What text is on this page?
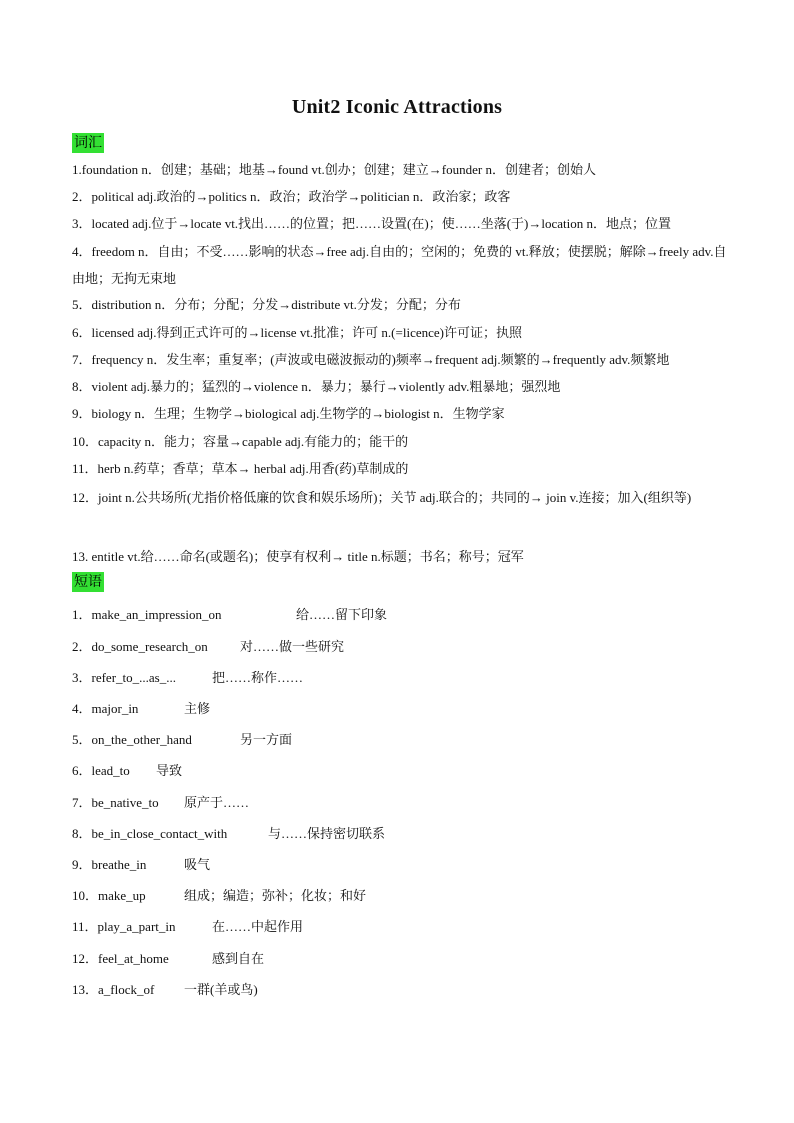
Unit2 Iconic Attractions
词汇
1.foundation n．创建；基础；地基→found vt.创办；创建；建立→founder n．创建者；创始人
2．political adj.政治的→politics n．政治；政治学→politician n．政治家；政客
3．located adj.位于→locate vt.找出……的位置；把……设置(在)；使……坐落(于)→location n．地点；位置
4．freedom n．自由；不受……影响的状态→free adj.自由的；空闲的；免费的 vt.释放；使摆脱；解除→freely adv.自由地；无拘无束地
5．distribution n．分布；分配；分发→distribute vt.分发；分配；分布
6．licensed adj.得到正式许可的→license vt.批准；许可 n.(=licence)许可证；执照
7．frequency n．发生率；重复率；(声波或电磁波振动的)频率→frequent adj.频繁的→frequently adv.频繁地
8．violent adj.暴力的；猛烈的→violence n．暴力；暴行→violently adv.粗暴地；强烈地
9．biology n．生理；生物学→biological adj.生物学的→biologist n．生物学家
10．capacity n．能力；容量→capable adj.有能力的；能干的
11．herb n.药草；香草；草本→ herbal adj.用香(药)草制成的
12．joint n.公共场所(尤指价格低廉的饮食和娱乐场所)；关节 adj.联合的；共同的→ join v.连接；加入(组织等)
13. entitle vt.给……命名(或题名)；使享有权利→ title n.标题；书名；称号；冠军
短语
1．make_an_impression_on	给……留下印象
2．do_some_research_on 对……做一些研究
3．refer_to_...as_...	把……称作……
4．major_in	主修
5．on_the_other_hand	另一方面
6．lead_to 导致
7．be_native_to 原产于……
8．be_in_close_contact_with	与……保持密切联系
9．breathe_in	吸气
10．make_up	组成；编造；弥补；化妆；和好
11．play_a_part_in	在……中起作用
12．feel_at_home	感到自在
13．a_flock_of 一群(羊或鸟)
